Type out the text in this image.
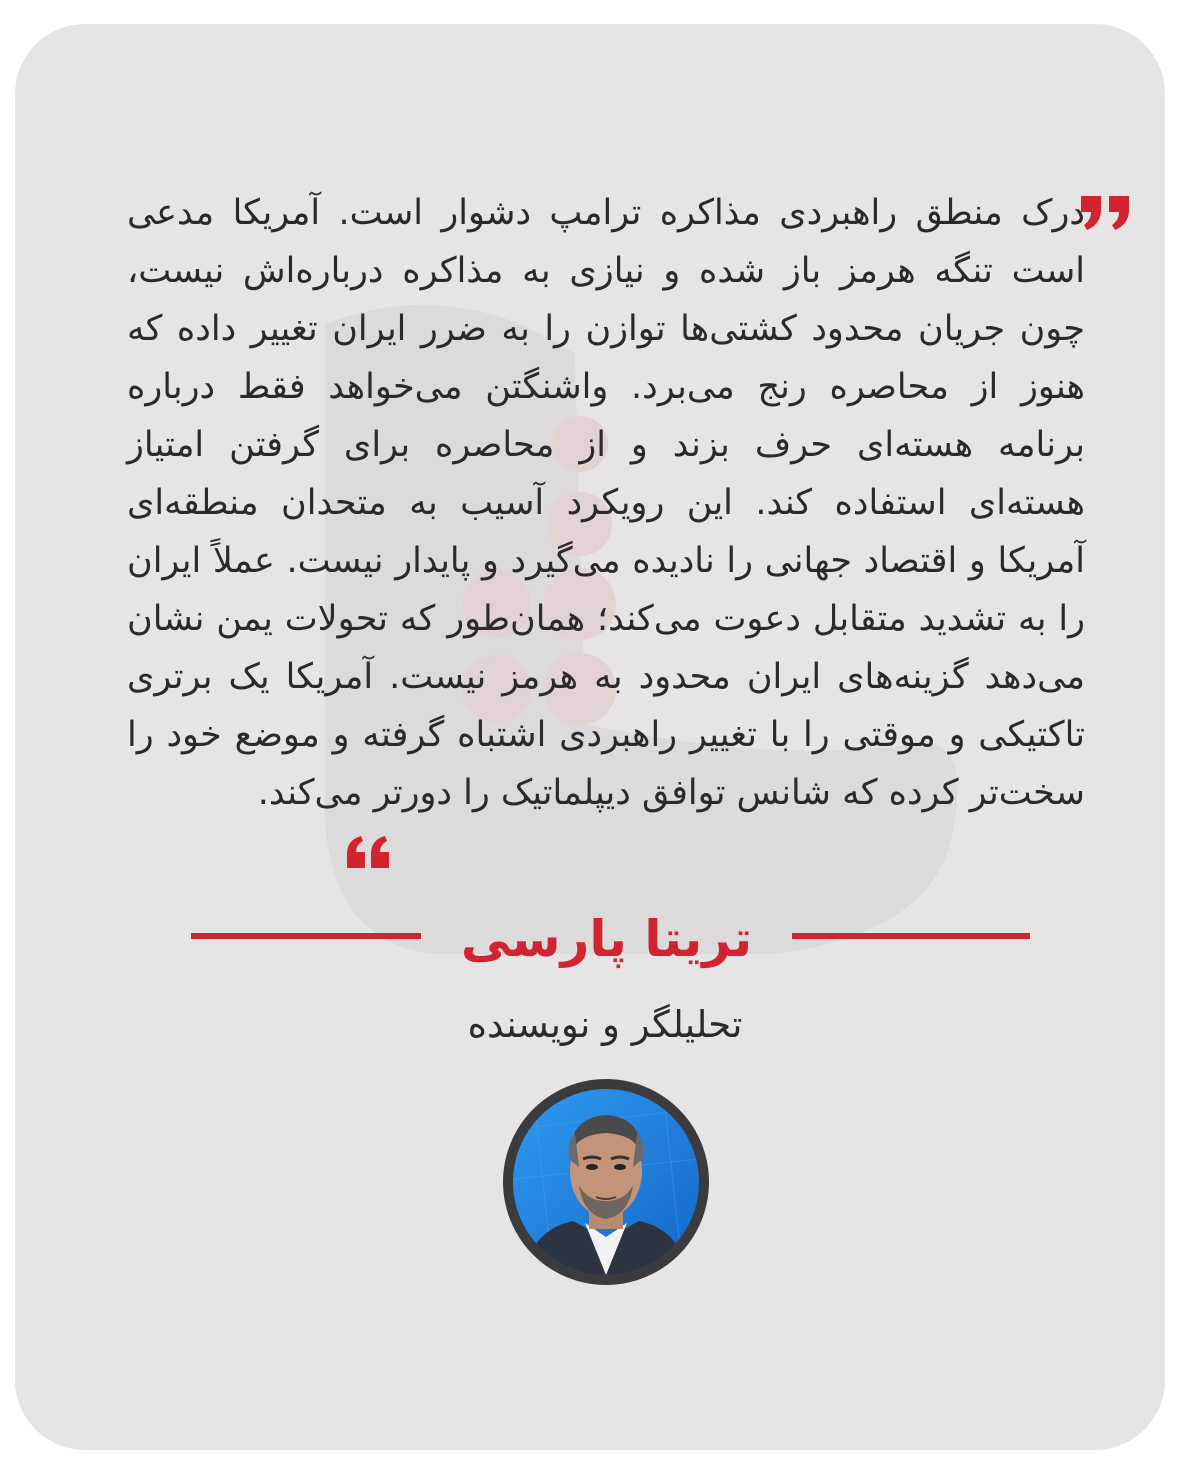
درک منطق راهبردی مذاکره ترامپ دشوار است. آمریکا مدعی است تنگه هرمز باز شده و نیازی به مذاکره درباره‌اش نیست، چون جریان محدود کشتی‌ها توازن را به ضرر ایران تغییر داده که هنوز از محاصره رنج می‌برد. واشنگتن می‌خواهد فقط درباره برنامه هسته‌ای حرف بزند و از محاصره برای گرفتن امتیاز هسته‌ای استفاده کند. این رویکرد آسیب به متحدان منطقه‌ای آمریکا و اقتصاد جهانی را نادیده می‌گیرد و پایدار نیست. عملاً ایران را به تشدید متقابل دعوت می‌کند؛ همان‌طور که تحولات یمن نشان می‌دهد گزینه‌های ایران محدود به هرمز نیست. آمریکا یک برتری تاکتیکی و موقتی را با تغییر راهبردی اشتباه گرفته و موضع خود را سخت‌تر کرده که شانس توافق دیپلماتیک را دورتر می‌کند.

تریتا پارسی
تحلیلگر و نویسنده
